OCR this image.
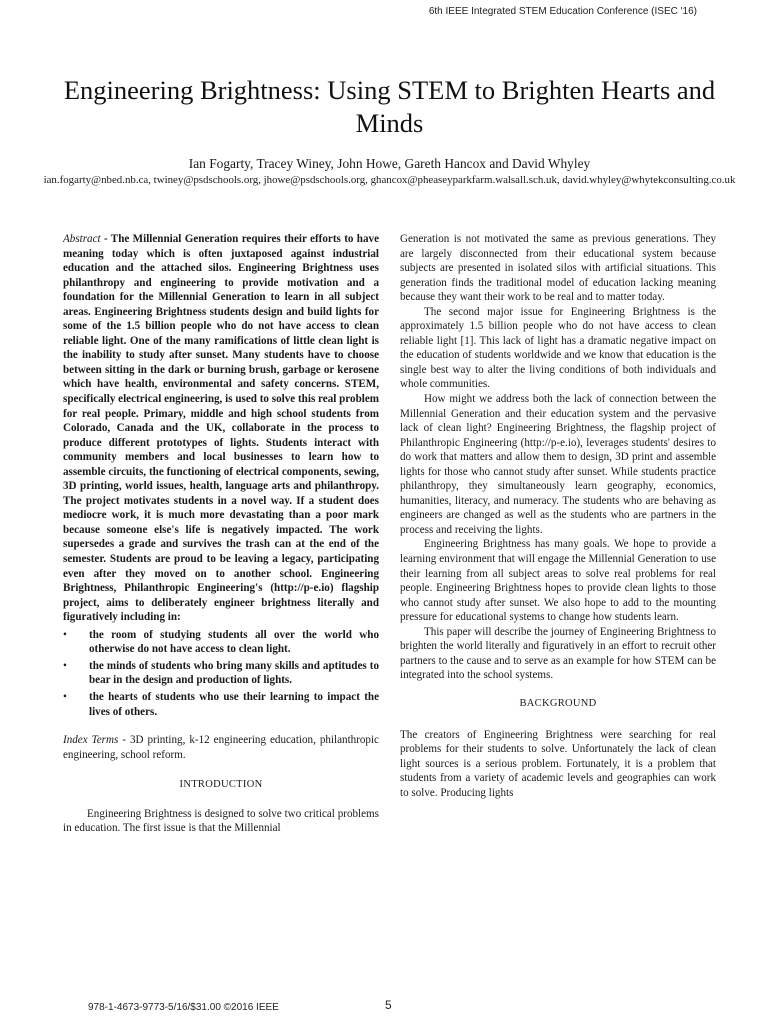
6th IEEE Integrated STEM Education Conference (ISEC '16)
Engineering Brightness: Using STEM to Brighten Hearts and Minds
Ian Fogarty, Tracey Winey, John Howe, Gareth Hancox and David Whyley
ian.fogarty@nbed.nb.ca, twiney@psdschools.org, jhowe@psdschools.org, ghancox@pheaseyparkfarm.walsall.sch.uk, david.whyley@whytekconsulting.co.uk

Abstract - The Millennial Generation requires their efforts to have meaning today which is often juxtaposed against industrial education and the attached silos. Engineering Brightness uses philanthropy and engineering to provide motivation and a foundation for the Millennial Generation to learn in all subject areas. Engineering Brightness students design and build lights for some of the 1.5 billion people who do not have access to clean reliable light. One of the many ramifications of little clean light is the inability to study after sunset. Many students have to choose between sitting in the dark or burning brush, garbage or kerosene which have health, environmental and safety concerns. STEM, specifically electrical engineering, is used to solve this real problem for real people. Primary, middle and high school students from Colorado, Canada and the UK, collaborate in the process to produce different prototypes of lights. Students interact with community members and local businesses to learn how to assemble circuits, the functioning of electrical components, sewing, 3D printing, world issues, health, language arts and philanthropy. The project motivates students in a novel way. If a student does mediocre work, it is much more devastating than a poor mark because someone else's life is negatively impacted. The work supersedes a grade and survives the trash can at the end of the semester. Students are proud to be leaving a legacy, participating even after they moved on to another school. Engineering Brightness, Philanthropic Engineering's (http://p-e.io) flagship project, aims to deliberately engineer brightness literally and figuratively including in:

• the room of studying students all over the world who otherwise do not have access to clean light.
• the minds of students who bring many skills and aptitudes to bear in the design and production of lights.
• the hearts of students who use their learning to impact the lives of others.

Index Terms - 3D printing, k-12 engineering education, philanthropic engineering, school reform.

INTRODUCTION

Engineering Brightness is designed to solve two critical problems in education. The first issue is that the Millennial

Generation is not motivated the same as previous generations. They are largely disconnected from their educational system because subjects are presented in isolated silos with artificial situations. This generation finds the traditional model of education lacking meaning because they want their work to be real and to matter today.

The second major issue for Engineering Brightness is the approximately 1.5 billion people who do not have access to clean reliable light [1]. This lack of light has a dramatic negative impact on the education of students worldwide and we know that education is the single best way to alter the living conditions of both individuals and whole communities.

How might we address both the lack of connection between the Millennial Generation and their education system and the pervasive lack of clean light? Engineering Brightness, the flagship project of Philanthropic Engineering (http://p-e.io), leverages students' desires to do work that matters and allow them to design, 3D print and assemble lights for those who cannot study after sunset. While students practice philanthropy, they simultaneously learn geography, economics, humanities, literacy, and numeracy. The students who are behaving as engineers are changed as well as the students who are partners in the process and receiving the lights.

Engineering Brightness has many goals. We hope to provide a learning environment that will engage the Millennial Generation to use their learning from all subject areas to solve real problems for real people. Engineering Brightness hopes to provide clean lights to those who cannot study after sunset. We also hope to add to the mounting pressure for educational systems to change how students learn.

This paper will describe the journey of Engineering Brightness to brighten the world literally and figuratively in an effort to recruit other partners to the cause and to serve as an example for how STEM can be integrated into the school systems.

BACKGROUND

The creators of Engineering Brightness were searching for real problems for their students to solve. Unfortunately the lack of clean light sources is a serious problem. Fortunately, it is a problem that students from a variety of academic levels and geographies can work to solve. Producing lights

978-1-4673-9773-5/16/$31.00 ©2016 IEEE	5
